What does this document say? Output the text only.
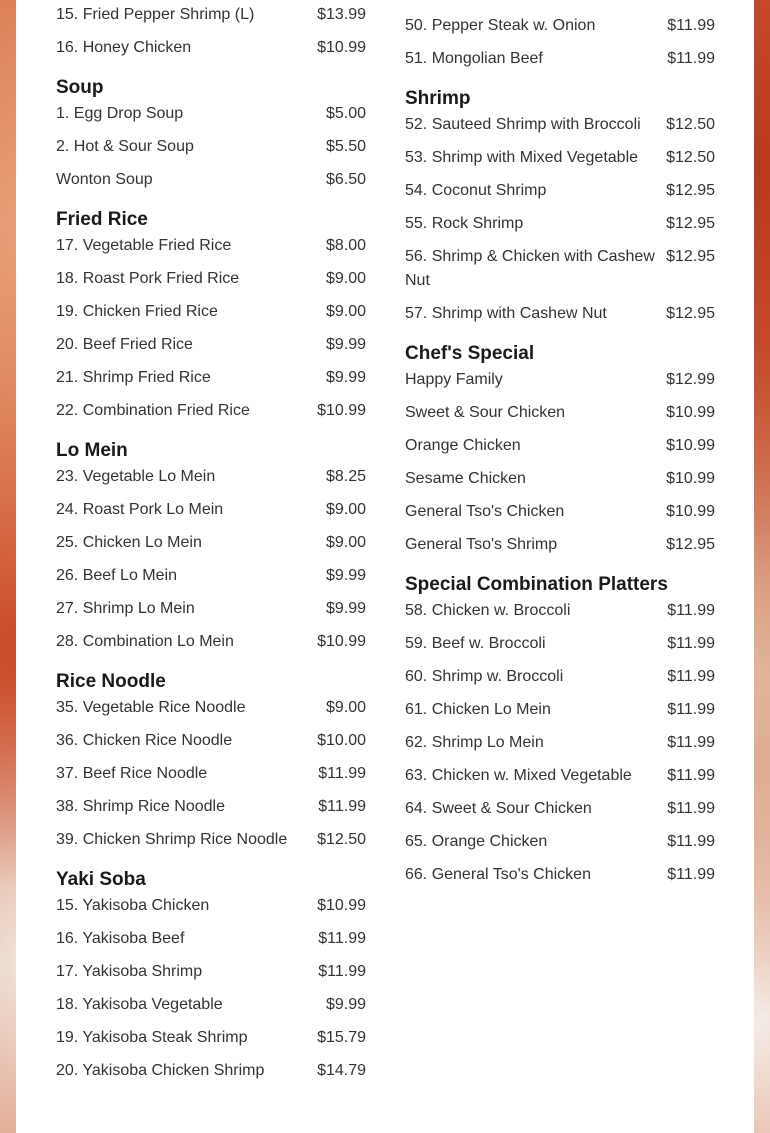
15. Fried Pepper Shrimp (L)	$13.99
16. Honey Chicken	$10.99
Soup
1. Egg Drop Soup	$5.00
2. Hot & Sour Soup	$5.50
Wonton Soup	$6.50
Fried Rice
17. Vegetable Fried Rice	$8.00
18. Roast Pork Fried Rice	$9.00
19. Chicken Fried Rice	$9.00
20. Beef Fried Rice	$9.99
21. Shrimp Fried Rice	$9.99
22. Combination Fried Rice	$10.99
Lo Mein
23. Vegetable Lo Mein	$8.25
24. Roast Pork Lo Mein	$9.00
25. Chicken Lo Mein	$9.00
26. Beef Lo Mein	$9.99
27. Shrimp Lo Mein	$9.99
28. Combination Lo Mein	$10.99
Rice Noodle
35. Vegetable Rice Noodle	$9.00
36. Chicken Rice Noodle	$10.00
37. Beef Rice Noodle	$11.99
38. Shrimp Rice Noodle	$11.99
39. Chicken Shrimp Rice Noodle	$12.50
Yaki Soba
15. Yakisoba Chicken	$10.99
16. Yakisoba Beef	$11.99
17. Yakisoba Shrimp	$11.99
18. Yakisoba Vegetable	$9.99
19. Yakisoba Steak Shrimp	$15.79
20. Yakisoba Chicken Shrimp	$14.79
50. Pepper Steak w. Onion	$11.99
51. Mongolian Beef	$11.99
Shrimp
52. Sauteed Shrimp with Broccoli	$12.50
53. Shrimp with Mixed Vegetable	$12.50
54. Coconut Shrimp	$12.95
55. Rock Shrimp	$12.95
56. Shrimp & Chicken with Cashew Nut
$12.95
57. Shrimp with Cashew Nut	$12.95
Chef's Special
Happy Family	$12.99
Sweet & Sour Chicken	$10.99
Orange Chicken	$10.99
Sesame Chicken	$10.99
General Tso's Chicken	$10.99
General Tso's Shrimp	$12.95
Special Combination Platters
58. Chicken w. Broccoli	$11.99
59. Beef w. Broccoli	$11.99
60. Shrimp w. Broccoli	$11.99
61. Chicken Lo Mein	$11.99
62. Shrimp Lo Mein	$11.99
63. Chicken w. Mixed Vegetable	$11.99
64. Sweet & Sour Chicken	$11.99
65. Orange Chicken	$11.99
66. General Tso's Chicken	$11.99
